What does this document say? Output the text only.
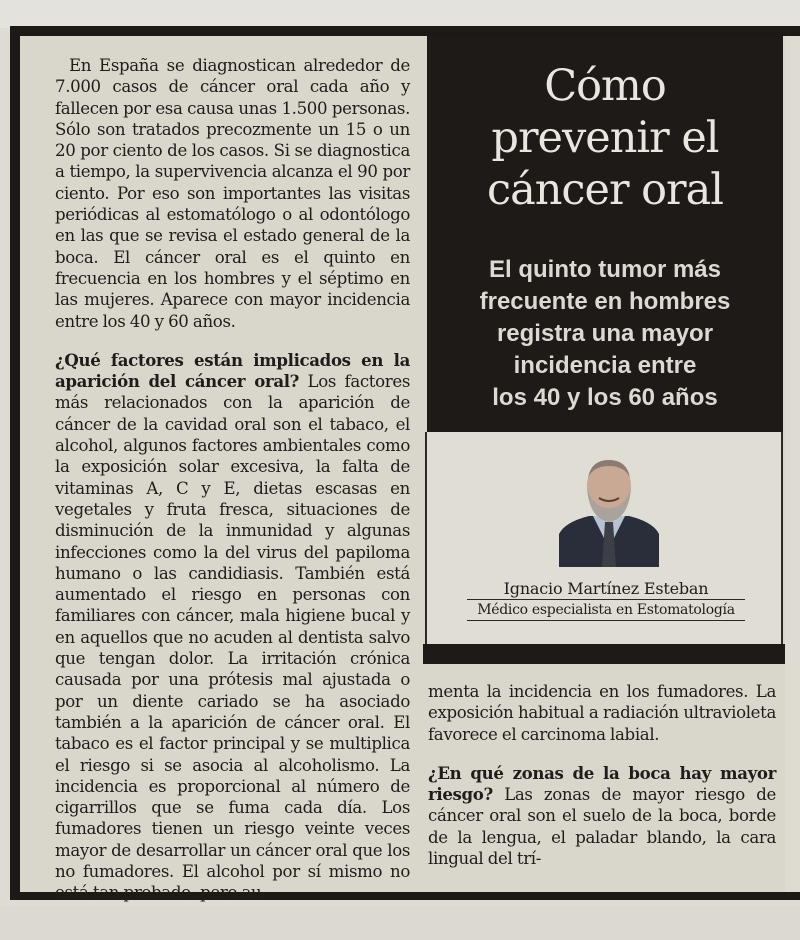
En España se diagnostican alrededor de 7.000 casos de cáncer oral cada año y fallecen por esa causa unas 1.500 personas. Sólo son tratados precozmente un 15 o un 20 por ciento de los casos. Si se diagnostica a tiempo, la supervivencia alcanza el 90 por ciento. Por eso son importantes las visitas periódicas al estomatólogo o al odontólogo en las que se revisa el estado general de la boca. El cáncer oral es el quinto en frecuencia en los hombres y el séptimo en las mujeres. Aparece con mayor incidencia entre los 40 y 60 años.

¿Qué factores están implicados en la aparición del cáncer oral? Los factores más relacionados con la aparición de cáncer de la cavidad oral son el tabaco, el alcohol, algunos factores ambientales como la exposición solar excesiva, la falta de vitaminas A, C y E, dietas escasas en vegetales y fruta fresca, situaciones de disminución de la inmunidad y algunas infecciones como la del virus del papiloma humano o las candidiasis. También está aumentado el riesgo en personas con familiares con cáncer, mala higiene bucal y en aquellos que no acuden al dentista salvo que tengan dolor. La irritación crónica causada por una prótesis mal ajustada o por un diente cariado se ha asociado también a la aparición de cáncer oral. El tabaco es el factor principal y se multiplica el riesgo si se asocia al alcoholismo. La incidencia es proporcional al número de cigarrillos que se fuma cada día. Los fumadores tienen un riesgo veinte veces mayor de desarrollar un cáncer oral que los no fumadores. El alcohol por sí mismo no está tan probado, pero au-

Cómo
prevenir el
cáncer oral
El quinto tumor más
frecuente en hombres
registra una mayor
incidencia entre
los 40 y los 60 años
Ignacio Martínez Esteban
Médico especialista en Estomatología

menta la incidencia en los fumadores. La exposición habitual a radiación ultravioleta favorece el carcinoma labial.

¿En qué zonas de la boca hay mayor riesgo? Las zonas de mayor riesgo de cáncer oral son el suelo de la boca, borde de la lengua, el paladar blando, la cara lingual del trí-
